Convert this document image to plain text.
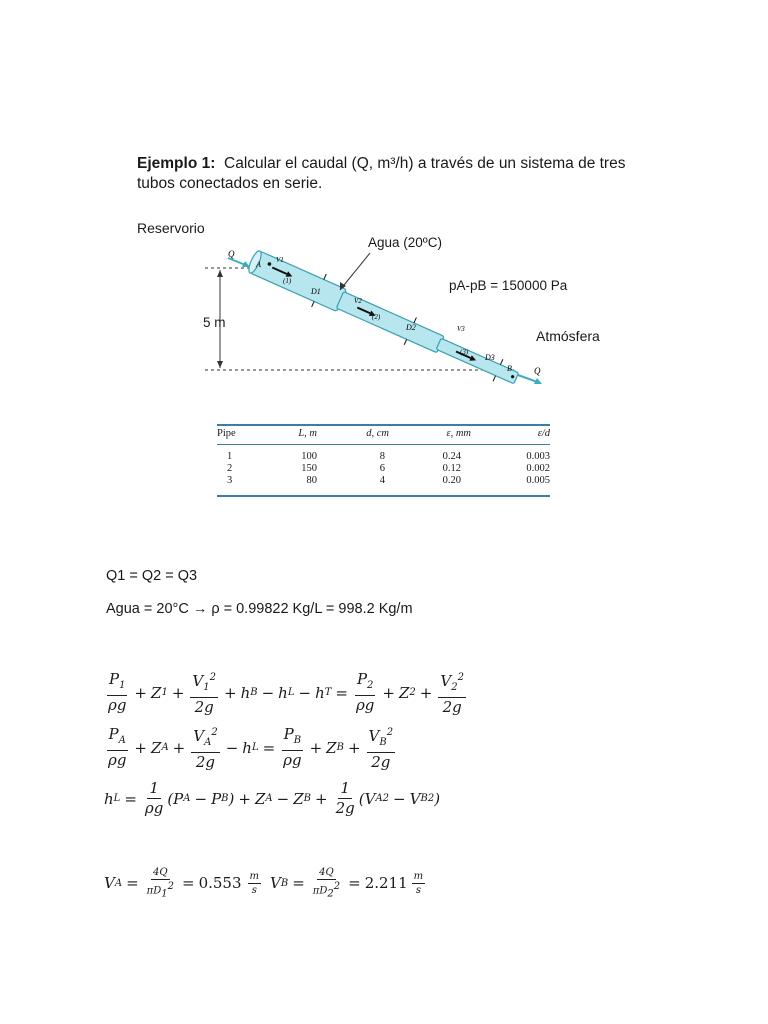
Ejemplo 1: Calcular el caudal (Q, m³/h) a través de un sistema de tres
tubos conectados en serie.
Reservorio
Q
Q
A
B
V1
V2
V3
D1
D2
D3
(1)
(2)
(3)
Agua (20ºC)
pA-pB = 150000 Pa
5 m
Atmósfera
Pipe	L, m	d, cm	ε, mm	ε/d
1	100	8	0.24	0.003
2	150	6	0.12	0.002
3	80	4	0.20	0.005
Q1 = Q2 = Q3
Agua = 20°C → ρ = 0.99822 Kg/L = 998.2 Kg/m
$\frac{P_1}{\rho g} + Z$ $1 + \frac{V_1^2}{2g} + h$ B − h L − h $T = \frac{P_2}{\rho g} + Z$ $2 + \frac{V_2^2}{2g}$
$\frac{P_A}{\rho g} + Z$ $A + \frac{V_A^2}{2g} - h$ $L = \frac{P_B}{\rho g} + Z$ $B + \frac{V_B^2}{2g}$
h $L = \frac{1}{\rho g} (P$ A − P B ) + Z A − Z $B + \frac{1}{2g} (V$ A 2 − V B 2 )
V $A = \frac{4Q}{\pi D_1^2} = 0.553 \frac{m}{s}$ V $B = \frac{4Q}{\pi D_2^2} = 2.211 \frac{m}{s}$
